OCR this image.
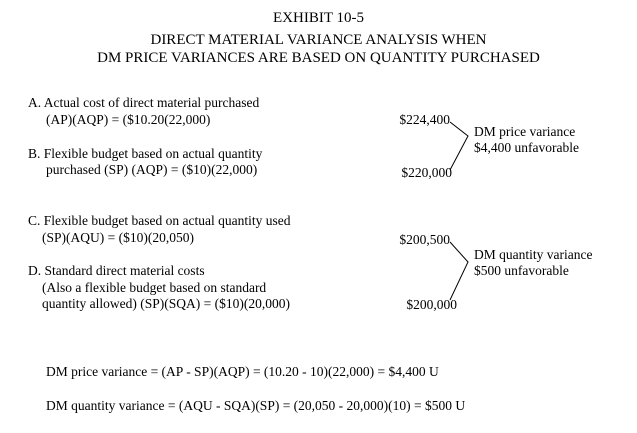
EXHIBIT 10-5
DIRECT MATERIAL VARIANCE ANALYSIS WHEN
DM PRICE VARIANCES ARE BASED ON QUANTITY PURCHASED
A. Actual cost of direct material purchased
(AP)(AQP) = ($10.20(22,000)	$224,400
B. Flexible budget based on actual quantity
purchased (SP) (AQP) = ($10)(22,000)	$220,000
DM price variance
$4,400 unfavorable
C. Flexible budget based on actual quantity used
(SP)(AQU) = ($10)(20,050)	$200,500
D. Standard direct material costs
(Also a flexible budget based on standard
quantity allowed) (SP)(SQA) = ($10)(20,000)	$200,000
DM quantity variance
$500 unfavorable
DM price variance = (AP - SP)(AQP) = (10.20 - 10)(22,000) = $4,400 U
DM quantity variance = (AQU - SQA)(SP) = (20,050 - 20,000)(10) = $500 U
